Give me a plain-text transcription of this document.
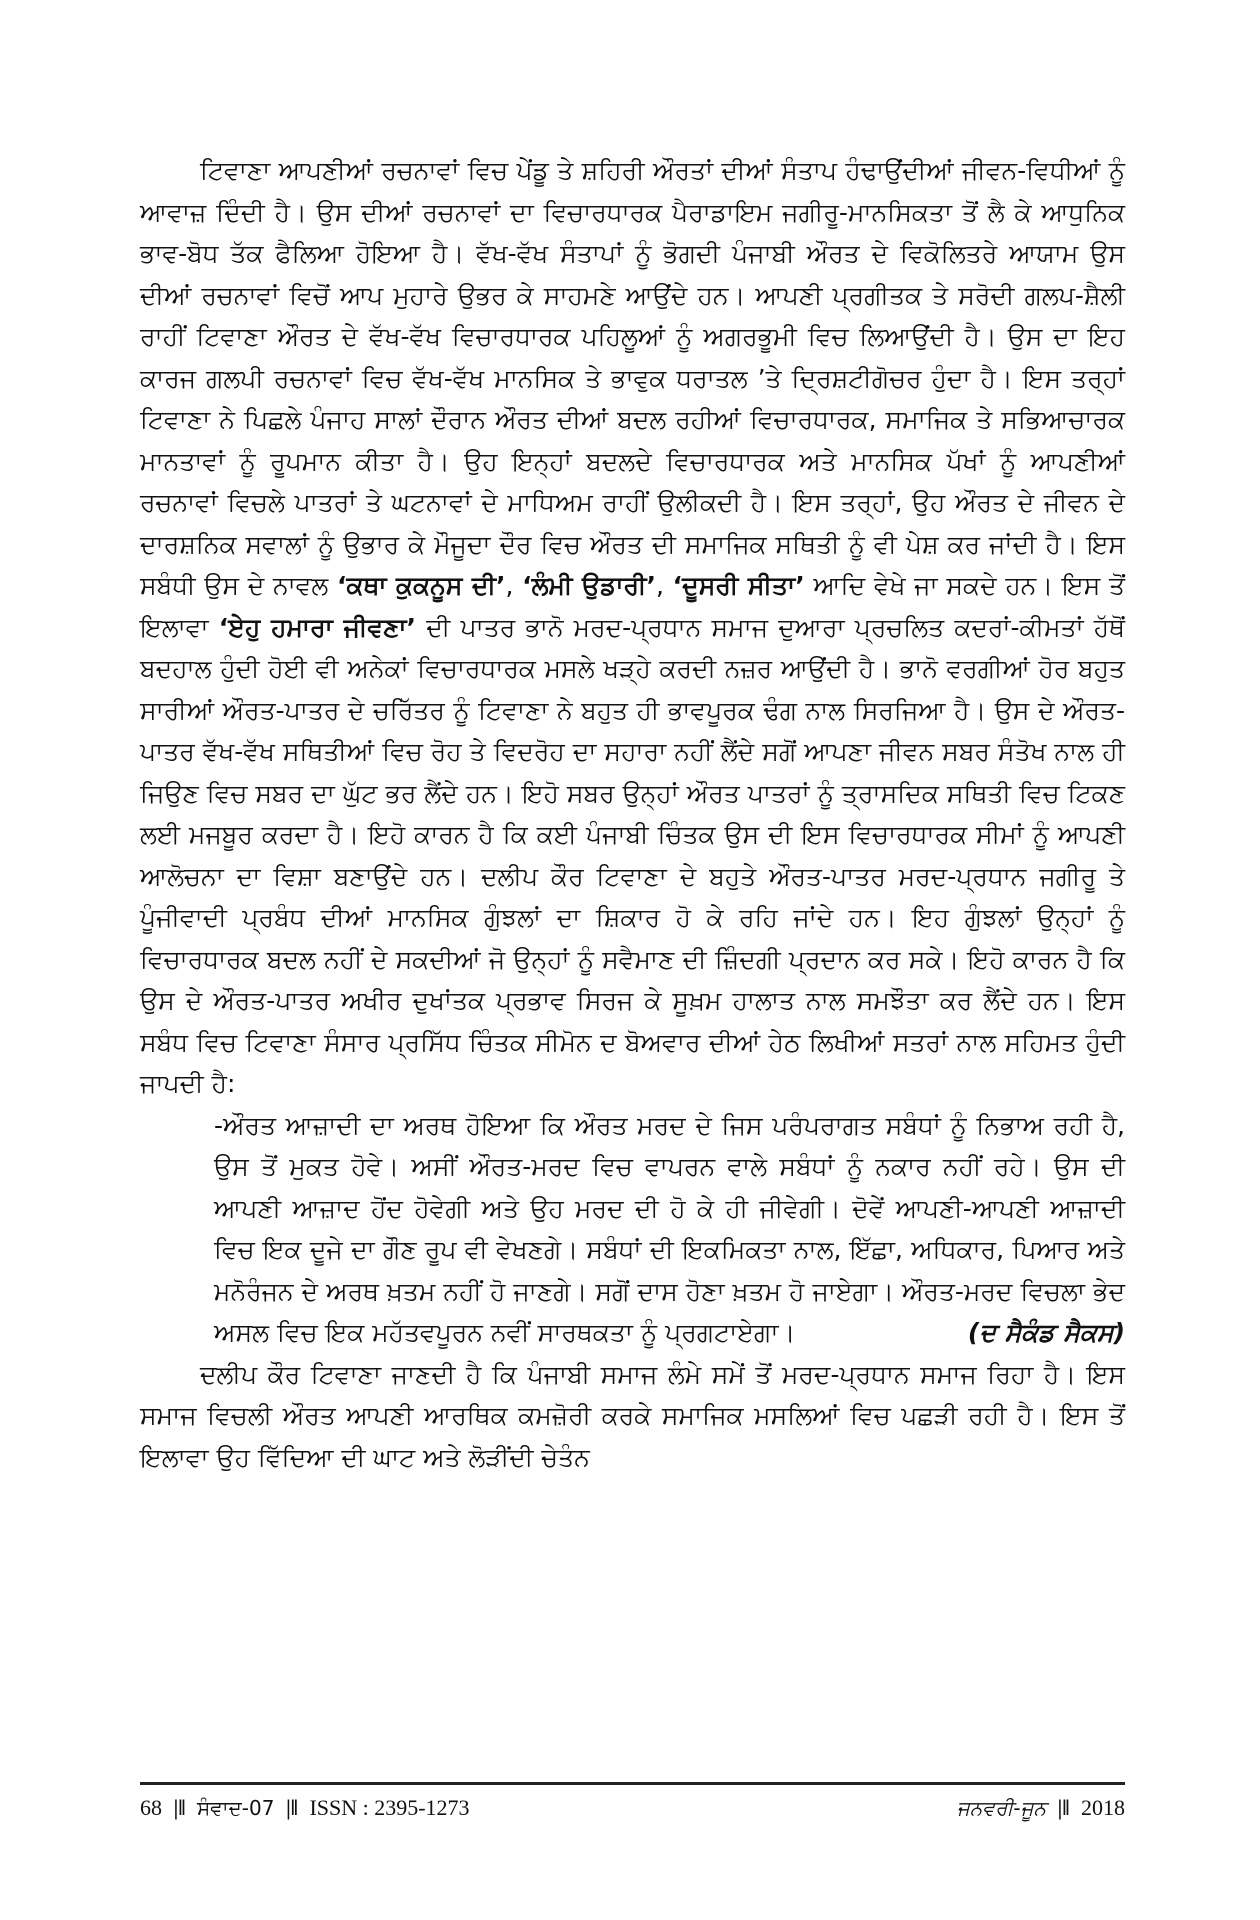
ਟਿਵਾਣਾ ਆਪਣੀਆਂ ਰਚਨਾਵਾਂ ਵਿਚ ਪੇਂਡੂ ਤੇ ਸ਼ਹਿਰੀ ਔਰਤਾਂ ਦੀਆਂ ਸੰਤਾਪ ਹੰਢਾਉਂਦੀਆਂ ਜੀਵਨ-ਵਿਧੀਆਂ ਨੂੰ ਆਵਾਜ਼ ਦਿੰਦੀ ਹੈ। ਉਸ ਦੀਆਂ ਰਚਨਾਵਾਂ ਦਾ ਵਿਚਾਰਧਾਰਕ ਪੈਰਾਡਾਇਮ ਜਗੀਰੂ-ਮਾਨਸਿਕਤਾ ਤੋਂ ਲੈ ਕੇ ਆਧੁਨਿਕ ਭਾਵ-ਬੋਧ ਤੱਕ ਫੈਲਿਆ ਹੋਇਆ ਹੈ। ਵੱਖ-ਵੱਖ ਸੰਤਾਪਾਂ ਨੂੰ ਭੋਗਦੀ ਪੰਜਾਬੀ ਔਰਤ ਦੇ ਵਿਕੋਲਿਤਰੇ ਆਯਾਮ ਉਸ ਦੀਆਂ ਰਚਨਾਵਾਂ ਵਿਚੋਂ ਆਪ ਮੁਹਾਰੇ ਉਭਰ ਕੇ ਸਾਹਮਣੇ ਆਉਂਦੇ ਹਨ। ਆਪਣੀ ਪ੍ਰਗੀਤਕ ਤੇ ਸਰੋਦੀ ਗਲਪ-ਸ਼ੈਲੀ ਰਾਹੀਂ ਟਿਵਾਣਾ ਔਰਤ ਦੇ ਵੱਖ-ਵੱਖ ਵਿਚਾਰਧਾਰਕ ਪਹਿਲੂਆਂ ਨੂੰ ਅਗਰਭੂਮੀ ਵਿਚ ਲਿਆਉਂਦੀ ਹੈ। ਉਸ ਦਾ ਇਹ ਕਾਰਜ ਗਲਪੀ ਰਚਨਾਵਾਂ ਵਿਚ ਵੱਖ-ਵੱਖ ਮਾਨਸਿਕ ਤੇ ਭਾਵੁਕ ਧਰਾਤਲ ’ਤੇ ਦ੍ਰਿਸ਼ਟੀਗੋਚਰ ਹੁੰਦਾ ਹੈ। ਇਸ ਤਰ੍ਹਾਂ ਟਿਵਾਣਾ ਨੇ ਪਿਛਲੇ ਪੰਜਾਹ ਸਾਲਾਂ ਦੌਰਾਨ ਔਰਤ ਦੀਆਂ ਬਦਲ ਰਹੀਆਂ ਵਿਚਾਰਧਾਰਕ, ਸਮਾਜਿਕ ਤੇ ਸਭਿਆਚਾਰਕ ਮਾਨਤਾਵਾਂ ਨੂੰ ਰੂਪਮਾਨ ਕੀਤਾ ਹੈ। ਉਹ ਇਨ੍ਹਾਂ ਬਦਲਦੇ ਵਿਚਾਰਧਾਰਕ ਅਤੇ ਮਾਨਸਿਕ ਪੱਖਾਂ ਨੂੰ ਆਪਣੀਆਂ ਰਚਨਾਵਾਂ ਵਿਚਲੇ ਪਾਤਰਾਂ ਤੇ ਘਟਨਾਵਾਂ ਦੇ ਮਾਧਿਅਮ ਰਾਹੀਂ ਉਲੀਕਦੀ ਹੈ। ਇਸ ਤਰ੍ਹਾਂ, ਉਹ ਔਰਤ ਦੇ ਜੀਵਨ ਦੇ ਦਾਰਸ਼ਨਿਕ ਸਵਾਲਾਂ ਨੂੰ ਉਭਾਰ ਕੇ ਮੌਜੂਦਾ ਦੌਰ ਵਿਚ ਔਰਤ ਦੀ ਸਮਾਜਿਕ ਸਥਿਤੀ ਨੂੰ ਵੀ ਪੇਸ਼ ਕਰ ਜਾਂਦੀ ਹੈ। ਇਸ ਸਬੰਧੀ ਉਸ ਦੇ ਨਾਵਲ ‘ਕਥਾ ਕੁਕਨੂਸ ਦੀ’, ‘ਲੰਮੀ ਉਡਾਰੀ’, ‘ਦੂਸਰੀ ਸੀਤਾ’ ਆਦਿ ਵੇਖੇ ਜਾ ਸਕਦੇ ਹਨ। ਇਸ ਤੋਂ ਇਲਾਵਾ ‘ਏਹੁ ਹਮਾਰਾ ਜੀਵਣਾ’ ਦੀ ਪਾਤਰ ਭਾਨੋ ਮਰਦ-ਪ੍ਰਧਾਨ ਸਮਾਜ ਦੁਆਰਾ ਪ੍ਰਚਲਿਤ ਕਦਰਾਂ-ਕੀਮਤਾਂ ਹੱਥੋਂ ਬਦਹਾਲ ਹੁੰਦੀ ਹੋਈ ਵੀ ਅਨੇਕਾਂ ਵਿਚਾਰਧਾਰਕ ਮਸਲੇ ਖੜ੍ਹੇ ਕਰਦੀ ਨਜ਼ਰ ਆਉਂਦੀ ਹੈ। ਭਾਨੋ ਵਰਗੀਆਂ ਹੋਰ ਬਹੁਤ ਸਾਰੀਆਂ ਔਰਤ-ਪਾਤਰ ਦੇ ਚਰਿੱਤਰ ਨੂੰ ਟਿਵਾਣਾ ਨੇ ਬਹੁਤ ਹੀ ਭਾਵਪੂਰਕ ਢੰਗ ਨਾਲ ਸਿਰਜਿਆ ਹੈ। ਉਸ ਦੇ ਔਰਤ-ਪਾਤਰ ਵੱਖ-ਵੱਖ ਸਥਿਤੀਆਂ ਵਿਚ ਰੋਹ ਤੇ ਵਿਦਰੋਹ ਦਾ ਸਹਾਰਾ ਨਹੀਂ ਲੈਂਦੇ ਸਗੋਂ ਆਪਣਾ ਜੀਵਨ ਸਬਰ ਸੰਤੋਖ ਨਾਲ ਹੀ ਜਿਉਣ ਵਿਚ ਸਬਰ ਦਾ ਘੁੱਟ ਭਰ ਲੈਂਦੇ ਹਨ। ਇਹੋ ਸਬਰ ਉਨ੍ਹਾਂ ਔਰਤ ਪਾਤਰਾਂ ਨੂੰ ਤ੍ਰਾਸਦਿਕ ਸਥਿਤੀ ਵਿਚ ਟਿਕਣ ਲਈ ਮਜਬੂਰ ਕਰਦਾ ਹੈ। ਇਹੋ ਕਾਰਨ ਹੈ ਕਿ ਕਈ ਪੰਜਾਬੀ ਚਿੰਤਕ ਉਸ ਦੀ ਇਸ ਵਿਚਾਰਧਾਰਕ ਸੀਮਾਂ ਨੂੰ ਆਪਣੀ ਆਲੋਚਨਾ ਦਾ ਵਿਸ਼ਾ ਬਣਾਉਂਦੇ ਹਨ। ਦਲੀਪ ਕੌਰ ਟਿਵਾਣਾ ਦੇ ਬਹੁਤੇ ਔਰਤ-ਪਾਤਰ ਮਰਦ-ਪ੍ਰਧਾਨ ਜਗੀਰੂ ਤੇ ਪੂੰਜੀਵਾਦੀ ਪ੍ਰਬੰਧ ਦੀਆਂ ਮਾਨਸਿਕ ਗੁੰਝਲਾਂ ਦਾ ਸ਼ਿਕਾਰ ਹੋ ਕੇ ਰਹਿ ਜਾਂਦੇ ਹਨ। ਇਹ ਗੁੰਝਲਾਂ ਉਨ੍ਹਾਂ ਨੂੰ ਵਿਚਾਰਧਾਰਕ ਬਦਲ ਨਹੀਂ ਦੇ ਸਕਦੀਆਂ ਜੋ ਉਨ੍ਹਾਂ ਨੂੰ ਸਵੈਮਾਣ ਦੀ ਜ਼ਿੰਦਗੀ ਪ੍ਰਦਾਨ ਕਰ ਸਕੇ। ਇਹੋ ਕਾਰਨ ਹੈ ਕਿ ਉਸ ਦੇ ਔਰਤ-ਪਾਤਰ ਅਖੀਰ ਦੁਖਾਂਤਕ ਪ੍ਰਭਾਵ ਸਿਰਜ ਕੇ ਸੂਖ਼ਮ ਹਾਲਾਤ ਨਾਲ ਸਮਝੌਤਾ ਕਰ ਲੈਂਦੇ ਹਨ। ਇਸ ਸਬੰਧ ਵਿਚ ਟਿਵਾਣਾ ਸੰਸਾਰ ਪ੍ਰਸਿੱਧ ਚਿੰਤਕ ਸੀਮੋਨ ਦ ਬੋਅਵਾਰ ਦੀਆਂ ਹੇਠ ਲਿਖੀਆਂ ਸਤਰਾਂ ਨਾਲ ਸਹਿਮਤ ਹੁੰਦੀ ਜਾਪਦੀ ਹੈ:

-ਔਰਤ ਆਜ਼ਾਦੀ ਦਾ ਅਰਥ ਹੋਇਆ ਕਿ ਔਰਤ ਮਰਦ ਦੇ ਜਿਸ ਪਰੰਪਰਾਗਤ ਸਬੰਧਾਂ ਨੂੰ ਨਿਭਾਅ ਰਹੀ ਹੈ, ਉਸ ਤੋਂ ਮੁਕਤ ਹੋਵੇ। ਅਸੀਂ ਔਰਤ-ਮਰਦ ਵਿਚ ਵਾਪਰਨ ਵਾਲੇ ਸਬੰਧਾਂ ਨੂੰ ਨਕਾਰ ਨਹੀਂ ਰਹੇ। ਉਸ ਦੀ ਆਪਣੀ ਆਜ਼ਾਦ ਹੋਂਦ ਹੋਵੇਗੀ ਅਤੇ ਉਹ ਮਰਦ ਦੀ ਹੋ ਕੇ ਹੀ ਜੀਵੇਗੀ। ਦੋਵੇਂ ਆਪਣੀ-ਆਪਣੀ ਆਜ਼ਾਦੀ ਵਿਚ ਇਕ ਦੂਜੇ ਦਾ ਗੌਣ ਰੂਪ ਵੀ ਵੇਖਣਗੇ। ਸਬੰਧਾਂ ਦੀ ਇਕਮਿਕਤਾ ਨਾਲ, ਇੱਛਾ, ਅਧਿਕਾਰ, ਪਿਆਰ ਅਤੇ ਮਨੋਰੰਜਨ ਦੇ ਅਰਥ ਖ਼ਤਮ ਨਹੀਂ ਹੋ ਜਾਣਗੇ। ਸਗੋਂ ਦਾਸ ਹੋਣਾ ਖ਼ਤਮ ਹੋ ਜਾਏਗਾ। ਔਰਤ-ਮਰਦ ਵਿਚਲਾ ਭੇਦ ਅਸਲ ਵਿਚ ਇਕ ਮਹੱਤਵਪੂਰਨ ਨਵੀਂ ਸਾਰਥਕਤਾ ਨੂੰ ਪ੍ਰਗਟਾਏਗਾ।	(ਦ ਸੈਕੰਡ ਸੈਕਸ)

ਦਲੀਪ ਕੌਰ ਟਿਵਾਣਾ ਜਾਣਦੀ ਹੈ ਕਿ ਪੰਜਾਬੀ ਸਮਾਜ ਲੰਮੇ ਸਮੇਂ ਤੋਂ ਮਰਦ-ਪ੍ਰਧਾਨ ਸਮਾਜ ਰਿਹਾ ਹੈ। ਇਸ ਸਮਾਜ ਵਿਚਲੀ ਔਰਤ ਆਪਣੀ ਆਰਥਿਕ ਕਮਜ਼ੋਰੀ ਕਰਕੇ ਸਮਾਜਿਕ ਮਸਲਿਆਂ ਵਿਚ ਪਛੜੀ ਰਹੀ ਹੈ। ਇਸ ਤੋਂ ਇਲਾਵਾ ਉਹ ਵਿੱਦਿਆ ਦੀ ਘਾਟ ਅਤੇ ਲੋੜੀਂਦੀ ਚੇਤੰਨ

68 |‖ ਸੰਵਾਦ-07 |‖ ISSN : 2395-1273	ਜਨਵਰੀ-ਜੂਨ |‖ 2018
